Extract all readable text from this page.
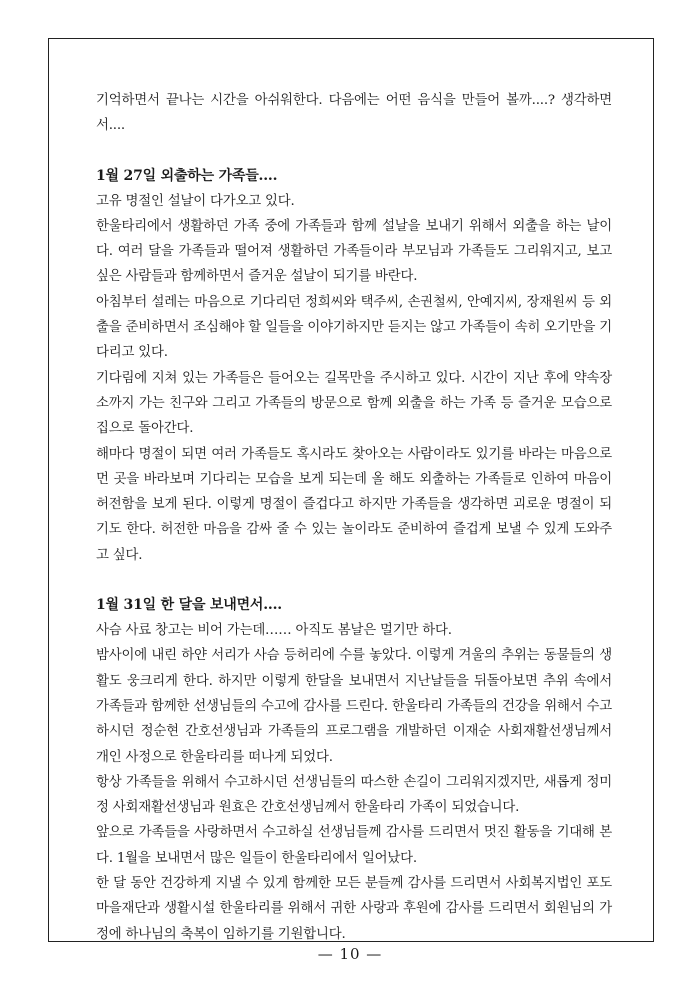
기억하면서 끝나는 시간을 아쉬워한다. 다음에는 어떤 음식을 만들어 볼까....? 생각하면서....

1월 27일 외출하는 가족들....

고유 명절인 설날이 다가오고 있다.

한울타리에서 생활하던 가족 중에 가족들과 함께 설날을 보내기 위해서 외출을 하는 날이다. 여러 달을 가족들과 떨어져 생활하던 가족들이라 부모님과 가족들도 그리워지고, 보고 싶은 사람들과 함께하면서 즐거운 설날이 되기를 바란다.

아침부터 설레는 마음으로 기다리던 정희씨와 택주씨, 손권철씨, 안예지씨, 장재원씨 등 외출을 준비하면서 조심해야 할 일들을 이야기하지만 듣지는 않고 가족들이 속히 오기만을 기다리고 있다.

기다림에 지쳐 있는 가족들은 들어오는 길목만을 주시하고 있다. 시간이 지난 후에 약속장소까지 가는 친구와 그리고 가족들의 방문으로 함께 외출을 하는 가족 등 즐거운 모습으로 집으로 돌아간다.

해마다 명절이 되면 여러 가족들도 혹시라도 찾아오는 사람이라도 있기를 바라는 마음으로 먼 곳을 바라보며 기다리는 모습을 보게 되는데 올 해도 외출하는 가족들로 인하여 마음이 허전함을 보게 된다. 이렇게 명절이 즐겁다고 하지만 가족들을 생각하면 괴로운 명절이 되기도 한다. 허전한 마음을 감싸 줄 수 있는 놀이라도 준비하여 즐겁게 보낼 수 있게 도와주고 싶다.

1월 31일 한 달을 보내면서....

사슴 사료 창고는 비어 가는데…… 아직도 봄날은 멀기만 하다.

밤사이에 내린 하얀 서리가 사슴 등허리에 수를 놓았다. 이렇게 겨울의 추위는 동물들의 생활도 웅크리게 한다. 하지만 이렇게 한달을 보내면서 지난날들을 뒤돌아보면 추위 속에서 가족들과 함께한 선생님들의 수고에 감사를 드린다. 한울타리 가족들의 건강을 위해서 수고 하시던 정순현 간호선생님과 가족들의 프로그램을 개발하던 이재순 사회재활선생님께서 개인 사정으로 한울타리를 떠나게 되었다.

항상 가족들을 위해서 수고하시던 선생님들의 따스한 손길이 그리워지겠지만, 새롭게 정미정 사회재활선생님과 원효은 간호선생님께서 한울타리 가족이 되었습니다.

앞으로 가족들을 사랑하면서 수고하실 선생님들께 감사를 드리면서 멋진 활동을 기대해 본다. 1월을 보내면서 많은 일들이 한울타리에서 일어났다.

한 달 동안 건강하게 지낼 수 있게 함께한 모든 분들께 감사를 드리면서 사회복지법인 포도마을재단과 생활시설 한울타리를 위해서 귀한 사랑과 후원에 감사를 드리면서 회원님의 가정에 하나님의 축복이 임하기를 기원합니다.

— 10 —
